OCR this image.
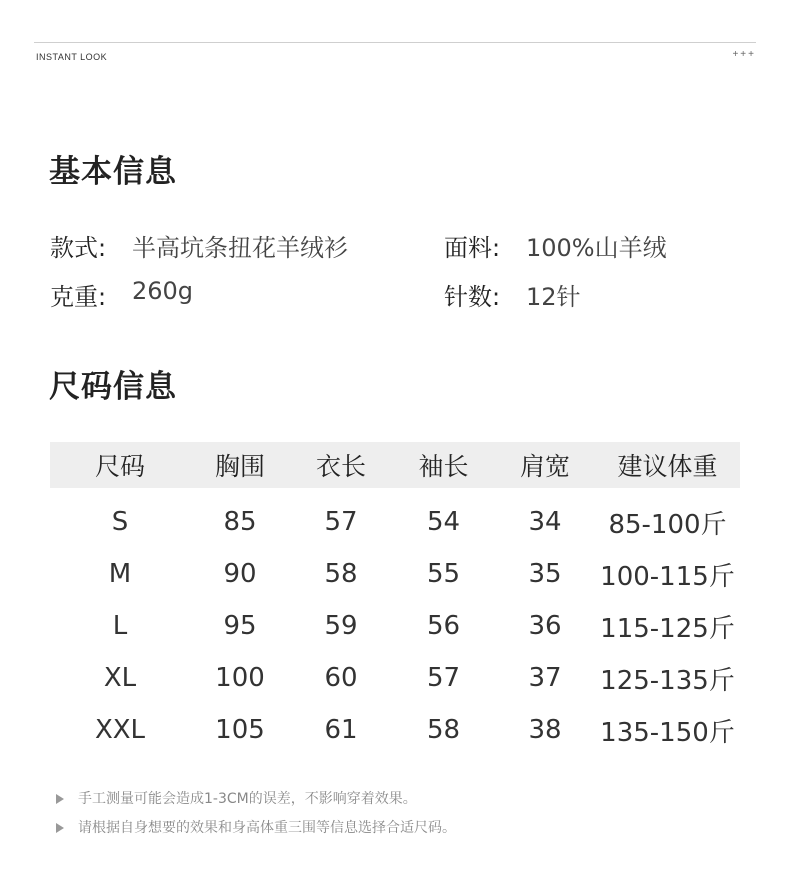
INSTANT LOOK	+++
基本信息
款式: 半高坑条扭花羊绒衫	面料: 100%山羊绒
克重: 260g	针数: 12针
尺码信息
尺码	胸围	衣长	袖长	肩宽	建议体重
S	85	57	54	34	85-100斤
M	90	58	55	35	100-115斤
L	95	59	56	36	115-125斤
XL	100	60	57	37	125-135斤
XXL	105	61	58	38	135-150斤
手工测量可能会造成1-3CM的误差，不影响穿着效果。
请根据自身想要的效果和身高体重三围等信息选择合适尺码。
